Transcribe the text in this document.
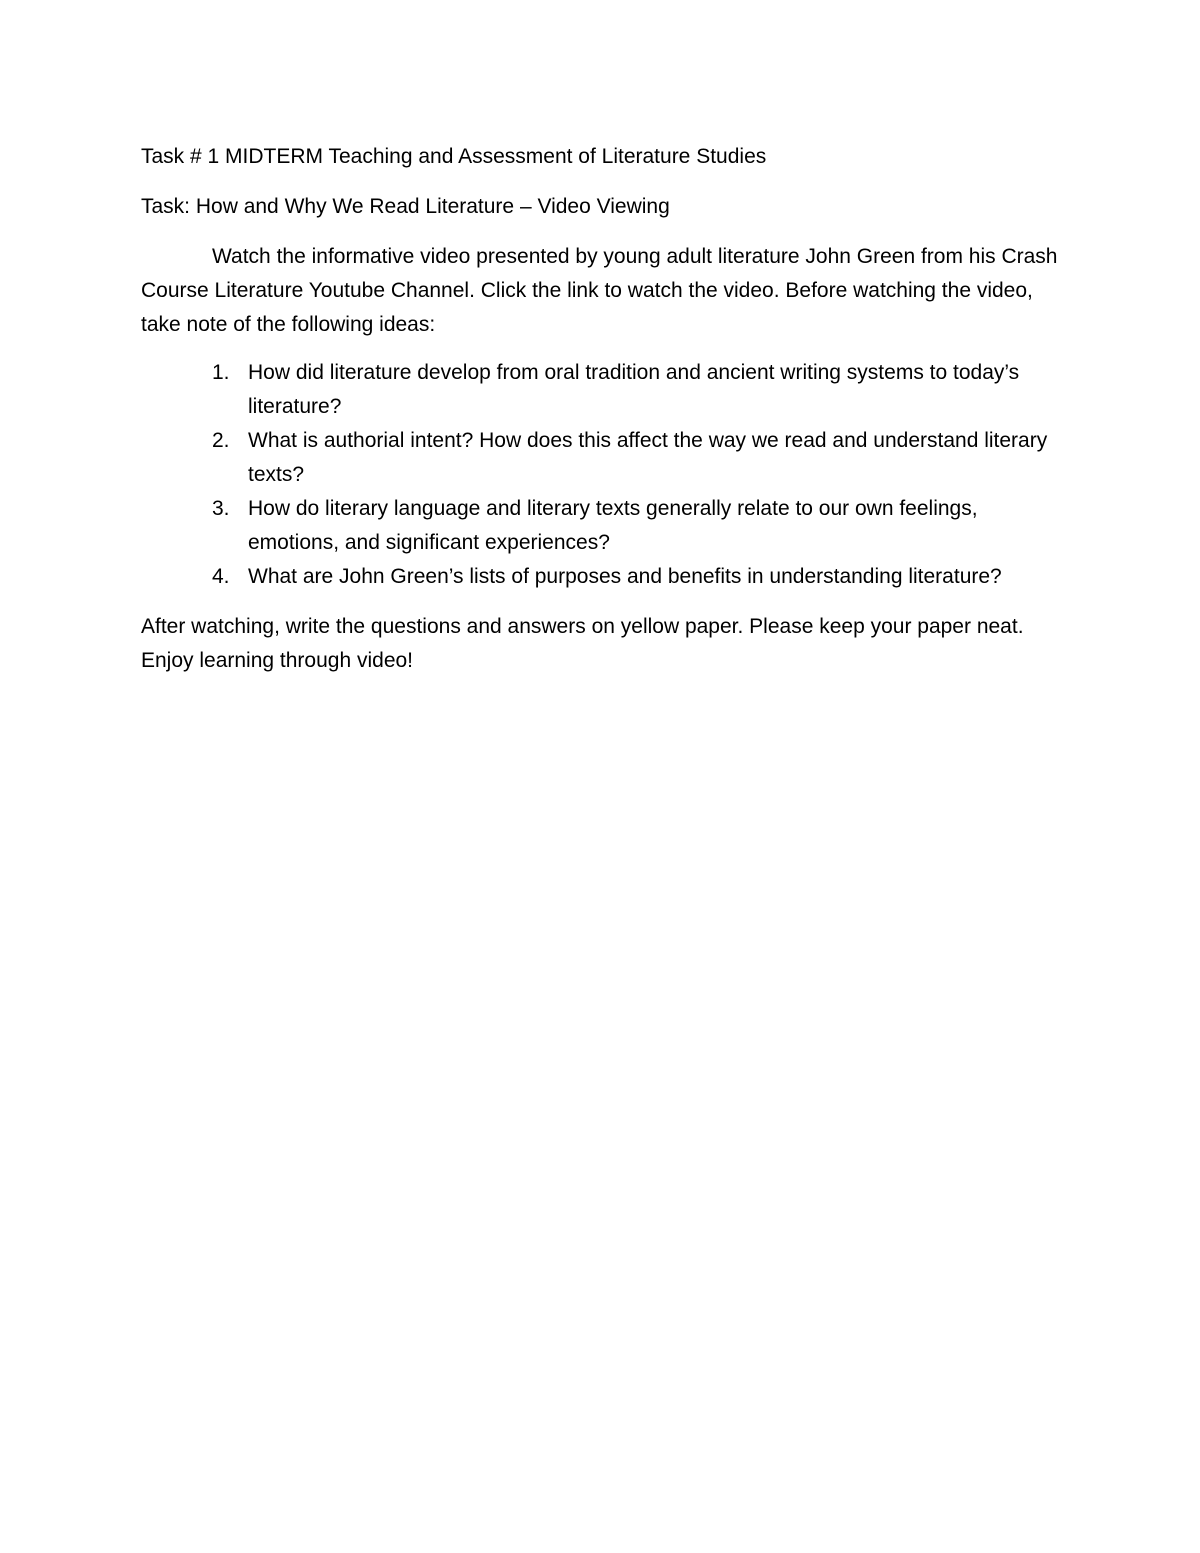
Task # 1 MIDTERM Teaching and Assessment of Literature Studies

Task: How and Why We Read Literature – Video Viewing

Watch the informative video presented by young adult literature John Green from his Crash Course Literature Youtube Channel. Click the link to watch the video. Before watching the video, take note of the following ideas:

1. How did literature develop from oral tradition and ancient writing systems to today’s literature?
2. What is authorial intent? How does this affect the way we read and understand literary texts?
3. How do literary language and literary texts generally relate to our own feelings, emotions, and significant experiences?
4. What are John Green’s lists of purposes and benefits in understanding literature?

After watching, write the questions and answers on yellow paper. Please keep your paper neat.

Enjoy learning through video!
